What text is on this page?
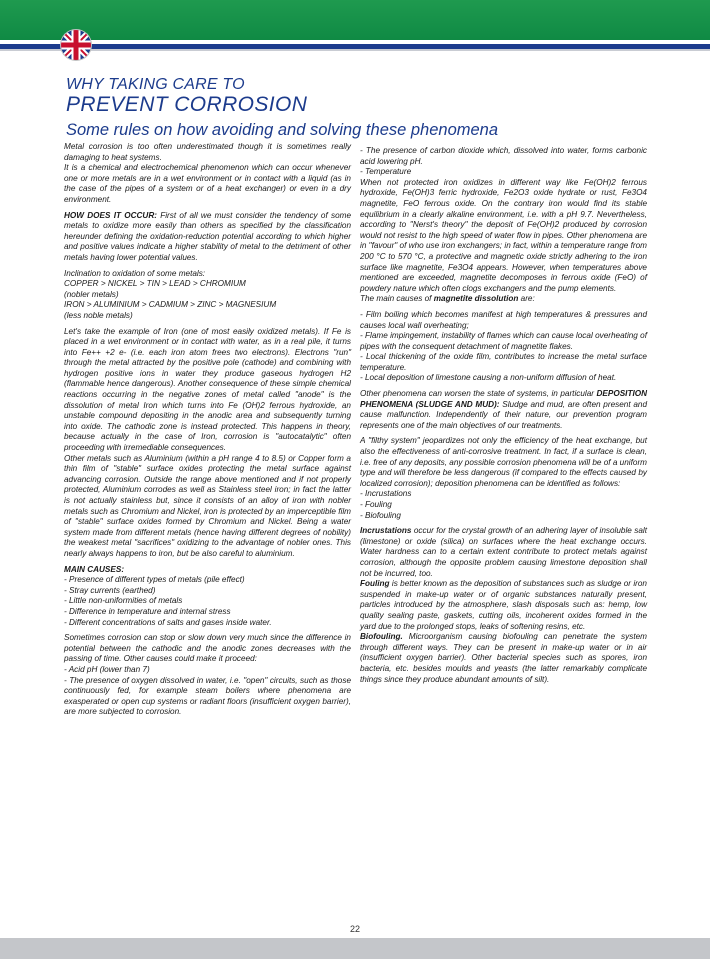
WHY TAKING CARE TO
PREVENT CORROSION
Some rules on how avoiding and solving these phenomena

Metal corrosion is too often underestimated though it is sometimes really damaging to heat systems.

It is a chemical and electrochemical phenomenon which can occur whenever one or more metals are in a wet environment or in contact with a liquid (as in the case of the pipes of a system or of a heat exchanger) or even in a dry environment.

HOW DOES IT OCCUR: First of all we must consider the tendency of some metals to oxidize more easily than others as specified by the classification hereunder defining the oxidation-reduction potential according to which higher and positive values indicate a higher stability of metal to the detriment of other metals having lower potential values.

Inclination to oxidation of some metals:

COPPER > NICKEL > TIN > LEAD > CHROMIUM

(nobler metals)

IRON > ALUMINIUM > CADMIUM > ZINC > MAGNESIUM

(less noble metals)

Let's take the example of Iron (one of most easily oxidized metals). If Fe is placed in a wet environment or in contact with water, as in a real pile, it turns into Fe++ +2 e- (i.e. each iron atom frees two electrons). Electrons "run" through the metal attracted by the positive pole (cathode) and combining with hydrogen positive ions in water they produce gaseous hydrogen H2 (flammable hence dangerous). Another consequence of these simple chemical reactions occurring in the negative zones of metal called "anode" is the dissolution of metal Iron which turns into Fe (OH)2 ferrous hydroxide, an unstable compound depositing in the anodic area and subsequently turning into oxide. The cathodic zone is instead protected. This happens in theory, because actually in the case of Iron, corrosion is "autocatalytic" often proceeding with irremediable consequences.

Other metals such as Aluminium (within a pH range 4 to 8.5) or Copper form a thin film of "stable" surface oxides protecting the metal surface against advancing corrosion. Outside the range above mentioned and if not properly protected, Aluminium corrodes as well as Stainless steel iron; in fact the latter is not actually stainless but, since it consists of an alloy of iron with nobler metals such as Chromium and Nickel, iron is protected by an imperceptible film of "stable" surface oxides formed by Chromium and Nickel. Being a water system made from different metals (hence having different degrees of nobility) the weakest metal "sacrifices" oxidizing to the advantage of nobler ones. This nearly always happens to iron, but be also careful to aluminium.

MAIN CAUSES:

- Presence of different types of metals (pile effect)

- Stray currents (earthed)

- Little non-uniformities of metals

- Difference in temperature and internal stress

- Different concentrations of salts and gases inside water.

Sometimes corrosion can stop or slow down very much since the difference in potential between the cathodic and the anodic zones decreases with the passing of time. Other causes could make it proceed:

- Acid pH (lower than 7)

- The presence of oxygen dissolved in water, i.e. "open" circuits, such as those continuously fed, for example steam boilers where phenomena are exasperated or open cup systems or radiant floors (insufficient oxygen barrier), are more subjected to corrosion.

- The presence of carbon dioxide which, dissolved into water, forms carbonic acid lowering pH.

- Temperature

When not protected iron oxidizes in different way like Fe(OH)2 ferrous hydroxide, Fe(OH)3 ferric hydroxide, Fe2O3 oxide hydrate or rust, Fe3O4 magnetite, FeO ferrous oxide. On the contrary iron would find its stable equilibrium in a clearly alkaline environment, i.e. with a pH 9.7. Nevertheless, according to "Nerst's theory" the deposit of Fe(OH)2 produced by corrosion would not resist to the high speed of water flow in pipes. Other phenomena are in "favour" of who use iron exchangers; in fact, within a temperature range from 200 °C to 570 °C, a protective and magnetic oxide strictly adhering to the iron surface like magnetite, Fe3O4 appears. However, when temperatures above mentioned are exceeded, magnetite decomposes in ferrous oxide (FeO) of powdery nature which often clogs exchangers and the pump elements.

The main causes of magnetite dissolution are:

- Film boiling which becomes manifest at high temperatures & pressures and causes local wall overheating;

- Flame impingement, instability of flames which can cause local overheating of pipes with the consequent detachment of magnetite flakes.

- Local thickening of the oxide film, contributes to increase the metal surface temperature.

- Local deposition of limestone causing a non-uniform diffusion of heat.

Other phenomena can worsen the state of systems, in particular DEPOSITION PHENOMENA (SLUDGE AND MUD): Sludge and mud, are often present and cause malfunction. Independently of their nature, our prevention program represents one of the main objectives of our treatments.

A "filthy system" jeopardizes not only the efficiency of the heat exchange, but also the effectiveness of anti-corrosive treatment. In fact, if a surface is clean, i.e. free of any deposits, any possible corrosion phenomena will be of a uniform type and will therefore be less dangerous (if compared to the effects caused by localized corrosion); deposition phenomena can be identified as follows:

- Incrustations

- Fouling

- Biofouling

Incrustations occur for the crystal growth of an adhering layer of insoluble salt (limestone) or oxide (silica) on surfaces where the heat exchange occurs. Water hardness can to a certain extent contribute to protect metals against corrosion, although the opposite problem causing limestone deposition shall not be incurred, too.

Fouling is better known as the deposition of substances such as sludge or iron suspended in make-up water or of organic substances naturally present, particles introduced by the atmosphere, slash disposals such as: hemp, low quality sealing paste, gaskets, cutting oils, incoherent oxides formed in the yard due to the prolonged stops, leaks of softening resins, etc.

Biofouling. Microorganism causing biofouling can penetrate the system through different ways. They can be present in make-up water or in air (insufficient oxygen barrier). Other bacterial species such as spores, iron bacteria, etc. besides moulds and yeasts (the latter remarkably complicate things since they produce abundant amounts of silt).

22
